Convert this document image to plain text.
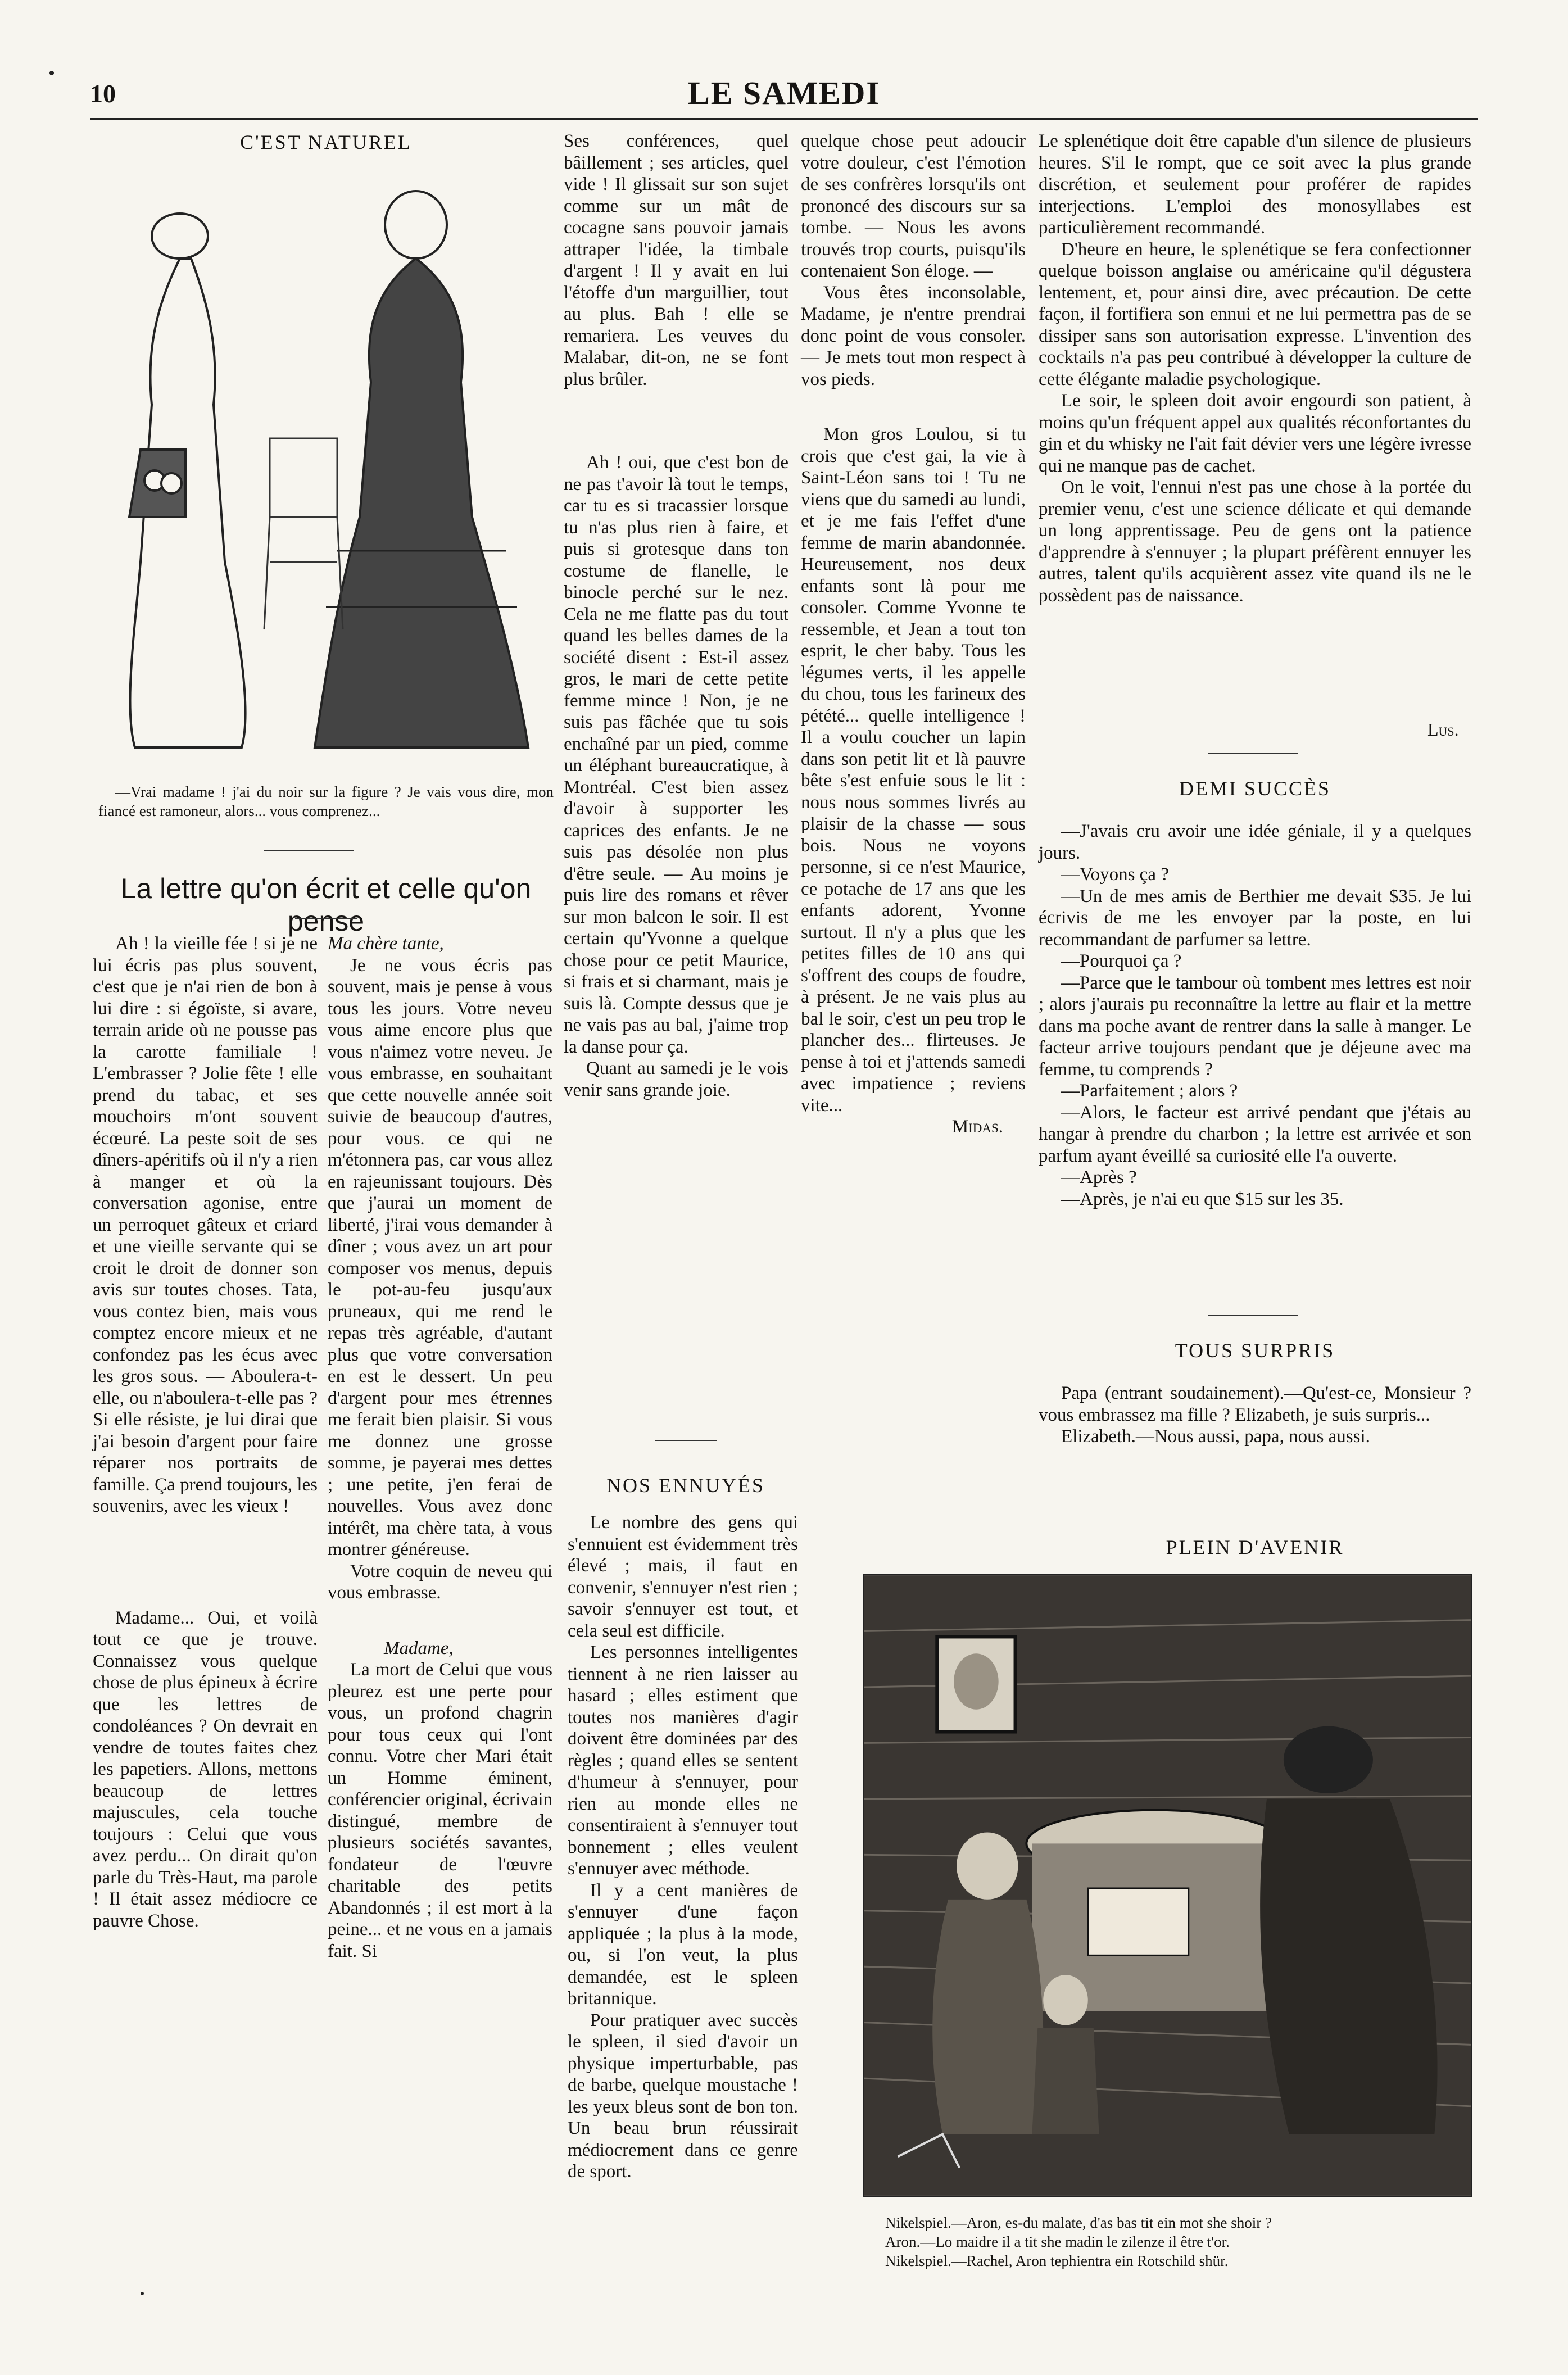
10	LE SAMEDI
C'EST NATUREL

—Vrai madame ! j'ai du noir sur la figure ? Je vais vous dire, mon fiancé est ramoneur, alors... vous comprenez...

La lettre qu'on écrit et celle qu'on pense

Ah ! la vieille fée ! si je ne lui écris pas plus souvent, c'est que je n'ai rien de bon à lui dire : si égoïste, si avare, terrain aride où ne pousse pas la carotte familiale ! L'embrasser ? Jolie fête ! elle prend du tabac, et ses mouchoirs m'ont souvent écœuré. La peste soit de ses dîners-apéritifs où il n'y a rien à manger et où la conversation agonise, entre un perroquet gâteux et criard et une vieille servante qui se croit le droit de donner son avis sur toutes choses. Tata, vous contez bien, mais vous comptez encore mieux et ne confondez pas les écus avec les gros sous. — Aboulera-t-elle, ou n'aboulera-t-elle pas ? Si elle résiste, je lui dirai que j'ai besoin d'argent pour faire réparer nos portraits de famille. Ça prend toujours, les souvenirs, avec les vieux !

Madame... Oui, et voilà tout ce que je trouve. Connaissez vous quelque chose de plus épineux à écrire que les lettres de condoléances ? On devrait en vendre de toutes faites chez les papetiers. Allons, mettons beaucoup de lettres majuscules, cela touche toujours : Celui que vous avez perdu... On dirait qu'on parle du Très-Haut, ma parole ! Il était assez médiocre ce pauvre Chose.

Ma chère tante,

Je ne vous écris pas souvent, mais je pense à vous tous les jours. Votre neveu vous aime encore plus que vous n'aimez votre neveu. Je vous embrasse, en souhaitant que cette nouvelle année soit suivie de beaucoup d'autres, pour vous. ce qui ne m'étonnera pas, car vous allez en rajeunissant toujours. Dès que j'aurai un moment de liberté, j'irai vous demander à dîner ; vous avez un art pour composer vos menus, depuis le pot-au-feu jusqu'aux pruneaux, qui me rend le repas très agréable, d'autant plus que votre conversation en est le dessert. Un peu d'argent pour mes étrennes me ferait bien plaisir. Si vous me donnez une grosse somme, je payerai mes dettes ; une petite, j'en ferai de nouvelles. Vous avez donc intérêt, ma chère tata, à vous montrer généreuse.

Votre coquin de neveu qui vous embrasse.

Madame,

La mort de Celui que vous pleurez est une perte pour vous, un profond chagrin pour tous ceux qui l'ont connu. Votre cher Mari était un Homme éminent, conférencier original, écrivain distingué, membre de plusieurs sociétés savantes, fondateur de l'œuvre charitable des petits Abandonnés ; il est mort à la peine... et ne vous en a jamais fait. Si

Ses conférences, quel bâillement ; ses articles, quel vide ! Il glissait sur son sujet comme sur un mât de cocagne sans pouvoir jamais attraper l'idée, la timbale d'argent ! Il y avait en lui l'étoffe d'un marguillier, tout au plus. Bah ! elle se remariera. Les veuves du Malabar, dit-on, ne se font plus brûler.

Ah ! oui, que c'est bon de ne pas t'avoir là tout le temps, car tu es si tracassier lorsque tu n'as plus rien à faire, et puis si grotesque dans ton costume de flanelle, le binocle perché sur le nez. Cela ne me flatte pas du tout quand les belles dames de la société disent : Est-il assez gros, le mari de cette petite femme mince ! Non, je ne suis pas fâchée que tu sois enchaîné par un pied, comme un éléphant bureaucratique, à Montréal. C'est bien assez d'avoir à supporter les caprices des enfants. Je ne suis pas désolée non plus d'être seule. — Au moins je puis lire des romans et rêver sur mon balcon le soir. Il est certain qu'Yvonne a quelque chose pour ce petit Maurice, si frais et si charmant, mais je suis là. Compte dessus que je ne vais pas au bal, j'aime trop la danse pour ça.

Quant au samedi je le vois venir sans grande joie.

quelque chose peut adoucir votre douleur, c'est l'émotion de ses confrères lorsqu'ils ont prononcé des discours sur sa tombe. — Nous les avons trouvés trop courts, puisqu'ils contenaient Son éloge. —

Vous êtes inconsolable, Madame, je n'entre prendrai donc point de vous consoler. — Je mets tout mon respect à vos pieds.

Mon gros Loulou, si tu crois que c'est gai, la vie à Saint-Léon sans toi ! Tu ne viens que du samedi au lundi, et je me fais l'effet d'une femme de marin abandonnée. Heureusement, nos deux enfants sont là pour me consoler. Comme Yvonne te ressemble, et Jean a tout ton esprit, le cher baby. Tous les légumes verts, il les appelle du chou, tous les farineux des pétété... quelle intelligence ! Il a voulu coucher un lapin dans son petit lit et là pauvre bête s'est enfuie sous le lit : nous nous sommes livrés au plaisir de la chasse — sous bois. Nous ne voyons personne, si ce n'est Maurice, ce potache de 17 ans que les enfants adorent, Yvonne surtout. Il n'y a plus que les petites filles de 10 ans qui s'offrent des coups de foudre, à présent. Je ne vais plus au bal le soir, c'est un peu trop le plancher des... flirteuses. Je pense à toi et j'attends samedi avec impatience ; reviens vite...

Midas.

NOS ENNUYÉS

Le nombre des gens qui s'ennuient est évidemment très élevé ; mais, il faut en convenir, s'ennuyer n'est rien ; savoir s'ennuyer est tout, et cela seul est difficile.

Les personnes intelligentes tiennent à ne rien laisser au hasard ; elles estiment que toutes nos manières d'agir doivent être dominées par des règles ; quand elles se sentent d'humeur à s'ennuyer, pour rien au monde elles ne consentiraient à s'ennuyer tout bonnement ; elles veulent s'ennuyer avec méthode.

Il y a cent manières de s'ennuyer d'une façon appliquée ; la plus à la mode, ou, si l'on veut, la plus demandée, est le spleen britannique.

Pour pratiquer avec succès le spleen, il sied d'avoir un physique imperturbable, pas de barbe, quelque moustache ! les yeux bleus sont de bon ton. Un beau brun réussirait médiocrement dans ce genre de sport.

Le splenétique doit être capable d'un silence de plusieurs heures. S'il le rompt, que ce soit avec la plus grande discrétion, et seulement pour proférer de rapides interjections. L'emploi des monosyllabes est particulièrement recommandé.

D'heure en heure, le splenétique se fera confectionner quelque boisson anglaise ou américaine qu'il dégustera lentement, et, pour ainsi dire, avec précaution. De cette façon, il fortifiera son ennui et ne lui permettra pas de se dissiper sans son autorisation expresse. L'invention des cocktails n'a pas peu contribué à développer la culture de cette élégante maladie psychologique.

Le soir, le spleen doit avoir engourdi son patient, à moins qu'un fréquent appel aux qualités réconfortantes du gin et du whisky ne l'ait fait dévier vers une légère ivresse qui ne manque pas de cachet.

On le voit, l'ennui n'est pas une chose à la portée du premier venu, c'est une science délicate et qui demande un long apprentissage. Peu de gens ont la patience d'apprendre à s'ennuyer ; la plupart préfèrent ennuyer les autres, talent qu'ils acquièrent assez vite quand ils ne le possèdent pas de naissance.

Lus.
DEMI SUCCÈS

—J'avais cru avoir une idée géniale, il y a quelques jours.

—Voyons ça ?

—Un de mes amis de Berthier me devait $35. Je lui écrivis de me les envoyer par la poste, en lui recommandant de parfumer sa lettre.

—Pourquoi ça ?

—Parce que le tambour où tombent mes lettres est noir ; alors j'aurais pu reconnaître la lettre au flair et la mettre dans ma poche avant de rentrer dans la salle à manger. Le facteur arrive toujours pendant que je déjeune avec ma femme, tu comprends ?

—Parfaitement ; alors ?

—Alors, le facteur est arrivé pendant que j'étais au hangar à prendre du charbon ; la lettre est arrivée et son parfum ayant éveillé sa curiosité elle l'a ouverte.

—Après ?

—Après, je n'ai eu que $15 sur les 35.

TOUS SURPRIS

Papa (entrant soudainement).—Qu'est-ce, Monsieur ? vous embrassez ma fille ? Elizabeth, je suis surpris...

Elizabeth.—Nous aussi, papa, nous aussi.

PLEIN D'AVENIR

Nikelspiel.—Aron, es-du malate, d'as bas tit ein mot she shoir ?

Aron.—Lo maidre il a tit she madin le zilenze il être t'or.

Nikelspiel.—Rachel, Aron tephientra ein Rotschild shür.
